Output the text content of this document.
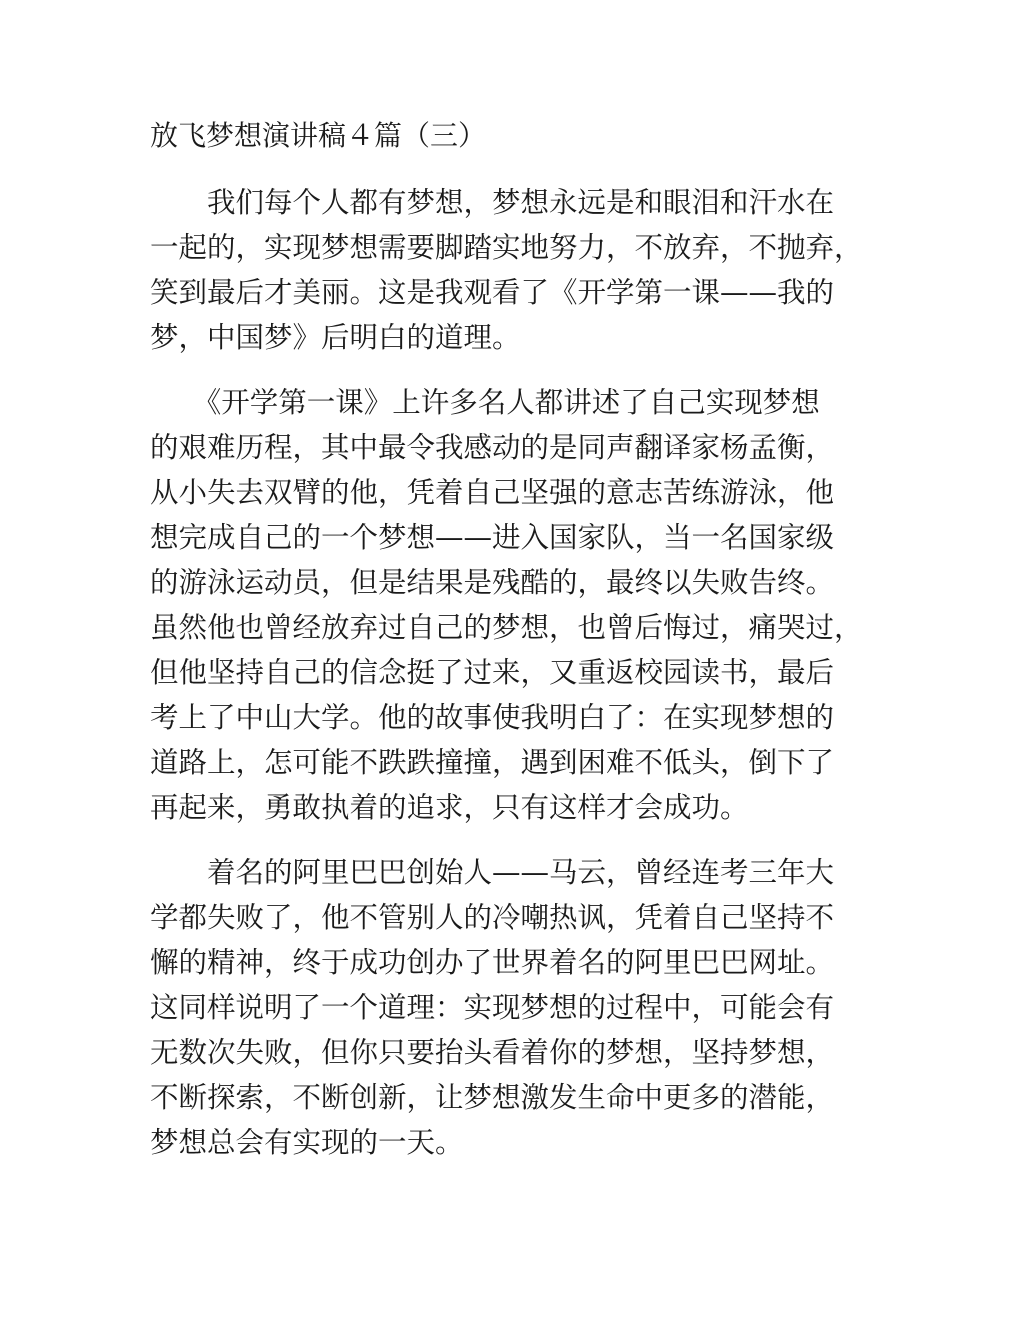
放飞梦想演讲稿４篇（三）

　　我们每个人都有梦想，梦想永远是和眼泪和汗水在
一起的，实现梦想需要脚踏实地努力，不放弃，不抛弃，
笑到最后才美丽。这是我观看了《开学第一课——我的
梦，中国梦》后明白的道理。

　　《开学第一课》上许多名人都讲述了自己实现梦想
的艰难历程，其中最令我感动的是同声翻译家杨孟衡，
从小失去双臂的他，凭着自己坚强的意志苦练游泳，他
想完成自己的一个梦想——进入国家队，当一名国家级
的游泳运动员，但是结果是残酷的，最终以失败告终。
虽然他也曾经放弃过自己的梦想，也曾后悔过，痛哭过，
但他坚持自己的信念挺了过来，又重返校园读书，最后
考上了中山大学。他的故事使我明白了：在实现梦想的
道路上，怎可能不跌跌撞撞，遇到困难不低头，倒下了
再起来，勇敢执着的追求，只有这样才会成功。

　　着名的阿里巴巴创始人——马云，曾经连考三年大
学都失败了，他不管别人的冷嘲热讽，凭着自己坚持不
懈的精神，终于成功创办了世界着名的阿里巴巴网址。
这同样说明了一个道理：实现梦想的过程中，可能会有
无数次失败，但你只要抬头看着你的梦想，坚持梦想，
不断探索，不断创新，让梦想激发生命中更多的潜能，
梦想总会有实现的一天。
